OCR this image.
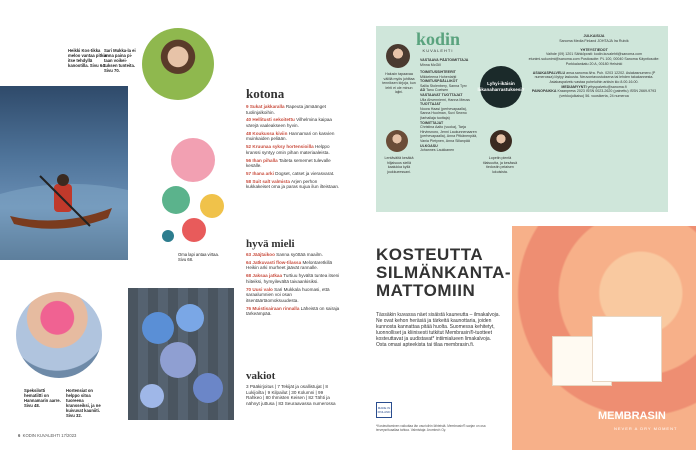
Heikki Kos-tikka meloo vantaa pitkin itse tehdyllä kanootilla. Sivu 64.
Sari Mukka-la ei anna paina pi-taan voikei-tuksen tunteita. Sivu 70.
Oma lapi antaa virtaa. Sivu 68.
Speksilotti hematiitti on Hannamarin aarre. Sivu 48.
Hortensiat on helppo sitoa tuoreena kransseiksi, ja ne kuivuvat kauniiti. Sivu 32.
kotona
9 Sukat jakkaralla Rapeuta jämäänget tuolinjalkoihin.
40 Hellitusti sekoitettu Vilhelmina kaipaa värejä vaaleakseen hyvin.
48 Koukussa kiviin Hannamari on kasvien muinkaiden peliään.
52 Kruunaa syksy hortensioilla Helppo kranssi syntyy omin pihan materiaaleista.
56 Ihan pihalla Taiteta sememet tulevalle kesälle.
57 Ihana arki Dogset, catset ja vierasvarat.
58 Suit salt valmista Arjen perhon kukkakeiset oma ja paras sujua ilun ilteistaan.
hyvä mieli
63 Jääjtaikoo Sanna syöttää maailm.
64 Jatkuvasti flow-tilassa Melontaretkillä Heikin arki murheet jäävät rannalle.
68 Jaksaa jatkaa Turtiuu hyvältä tuntea itseni hiiteiksi, hymyilevältä taivaankisiksi.
70 Uusi valo Sari Mukkala huomasi, että saraalumnien voi osan itsentäärtäomoksuudesta.
76 Muistisairaan rinnalla Läheistä on sairaja tärkeämpää.
vakiot
3 Pääkirjoitus | 7 Tekijät ja osallistujat | 8 Lukijoilta | 9 Kilpailut | 30 Kolumni | 99 Rahkeo | 80 Ihmisten Keisen | 82 Tähti ja nähnyt juttusa | 83 Seuraavassa numerossa
6 KODIN KUVALEHTI 17/2023
kodin
KUVALEHTI
Halusin tapaavaa välillä myös juhlitaa tenniksen kirjoja, kun lehti ei ole minun lajini.
Lentävältä kesäkä hiljaisuus siellä kaalukka kyllä joukkueessani.
Lopetin pientä tilaisuutta, ja kesässä tiedostin pelaisen lukuisista.
Lyhyi-ikäisin liikanaharrastuksesi?
VASTAAVA PÄÄTOIMITTAJA
Minna McGill
TOIMITUSSIHTEERIT
Mikkeleena Hohenlahti
TOIMITUSPÄÄLLIKÖT
Sallia Stolenbery, Sanna Tyrv
AD Tanu Coelsen
VASTAAVAT TUOTTAJAT
Ulla Ahvenniemi, Hanna Meuss
TUOTTAJAT
Noora Haasi (perhevapaalla), Sanna Huolman, Suvi Sewno (tarhailaja tuottaja)
TOIMITTAJAT
Christina Aalto (vuoka), Tarja Hirvinsnoro, Jenni Laukunnenaaren (perhevapaalla), Anna Pitkänenpää, Vania Pietynen, Anna Sillanpää
ULKOASU
Johannes Laukkanen
JULKAISIJA
Sanoma Media Finland JOHTAJA Ira Rulvik

YHTEYSTIEDOT
Vaihde (09) 1201 Sähköposti: kodin.kuvalehti@sanoma.com etunimi.sukunimi@sanoma.com Postiosoite: PL 100, 00040 Sanoma Käyntiosoite: Porkkalankatu 20 A, 00180 Helsinki

ASIAKASPALVELU ansa.sanoma.fi/ra. Puh. 0203 12202. Asiakasnumero (P numerossa) löytyy laskusta. Neuvontavustuksena tai lehden takakannesta. Asiakaspalvelu vastaa puheluihin arkisin klo 8.00-16.00.
MEDIAMYYNTI yrityspalvelu@sanoma.fi
PAINOPAIKKA Kraanpress 2023 ISSN 0023-2620 (painettu) ISSN 2669-9793 (verkkojulkaisu) 56. vuosikerta, 24 numeroa
KOSTEUTTA SILMÄNKANTA-MATTOMIIN
Tässäkin kuvassa näet sisäistä kauneutta – ilmakalvoja. Ne ovat kehon heräsiä ja tärkeitä kaunottaria, joiden kunnosta kannattaa pitää huolta. Suomessa kehitetyt, luonnolliset ja kliinisesti tutkitut Membrasin®-tuotteet kosteuttavat ja uudistavat* intiimialueen limakalvoja. Osta omasi apteekista tai tilaa membrasin.fi.
MEMBRASIN
NEVER A DRY MOMENT
MADE IN FINLAND
*Kosteuttaminen vaikuttaa iän vaurioihin lähteistä. Membrasin®-sarjan on osa terveysrituaaliaa tahtoa. Valmistaja: Aromtech Oy.
